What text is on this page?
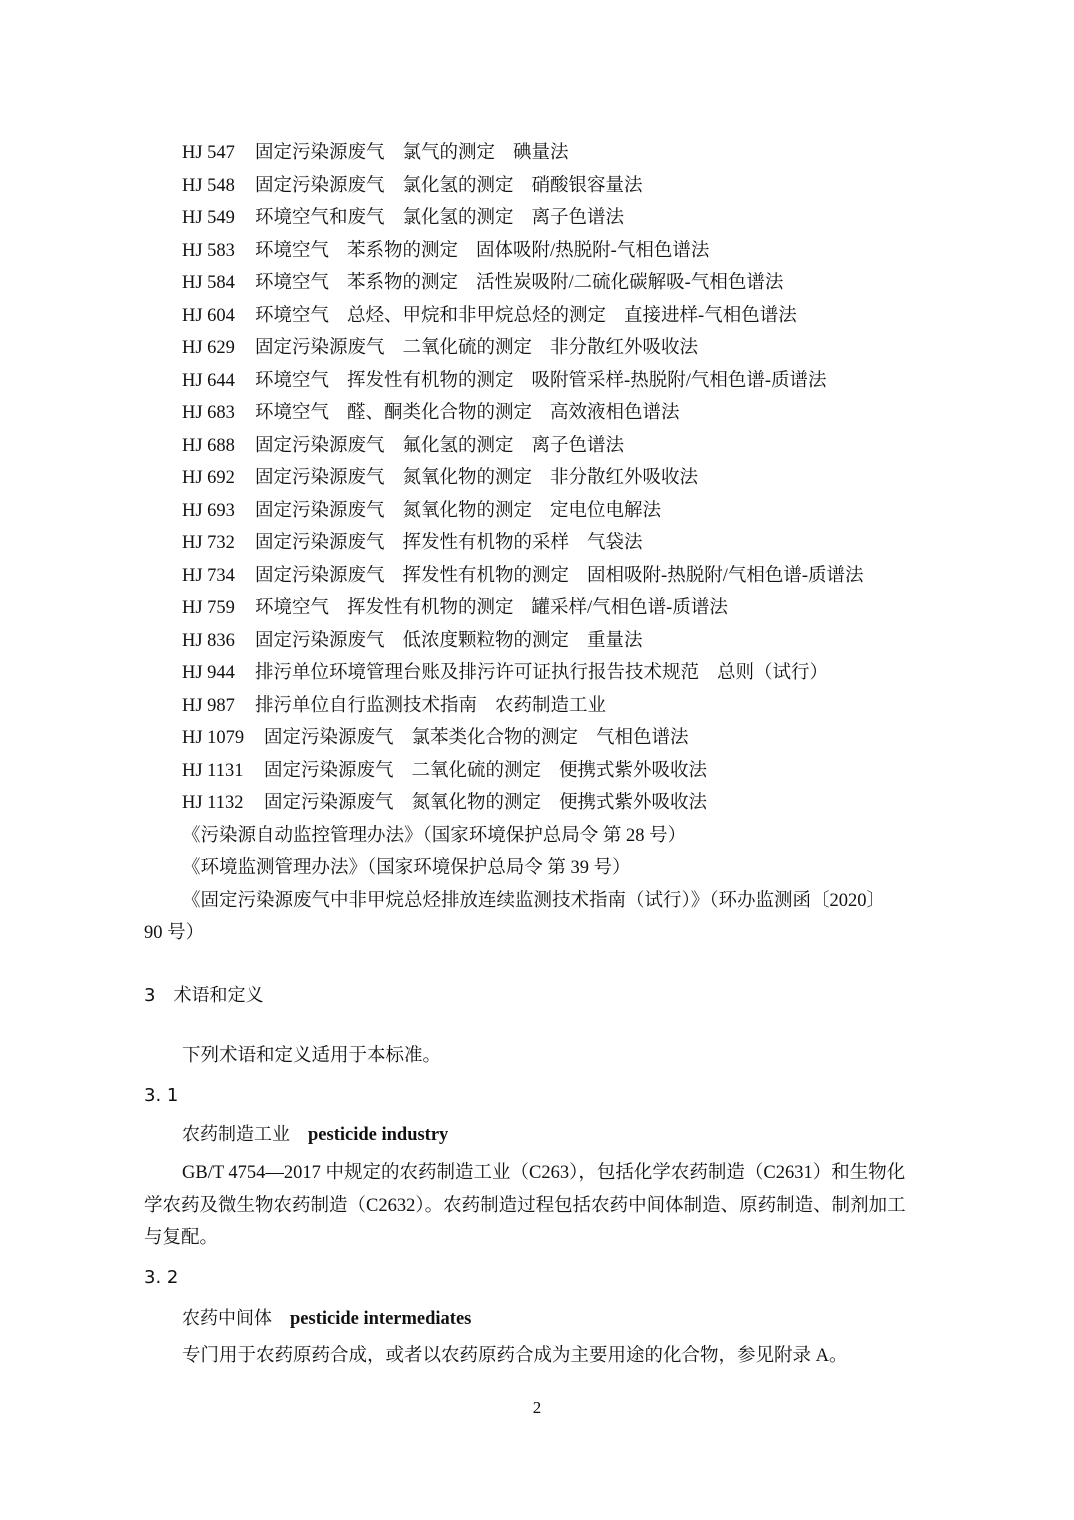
HJ 547 固定污染源废气 氯气的测定 碘量法
HJ 548 固定污染源废气 氯化氢的测定 硝酸银容量法
HJ 549 环境空气和废气 氯化氢的测定 离子色谱法
HJ 583 环境空气 苯系物的测定 固体吸附/热脱附-气相色谱法
HJ 584 环境空气 苯系物的测定 活性炭吸附/二硫化碳解吸-气相色谱法
HJ 604 环境空气 总烃、甲烷和非甲烷总烃的测定 直接进样-气相色谱法
HJ 629 固定污染源废气 二氧化硫的测定 非分散红外吸收法
HJ 644 环境空气 挥发性有机物的测定 吸附管采样-热脱附/气相色谱-质谱法
HJ 683 环境空气 醛、酮类化合物的测定 高效液相色谱法
HJ 688 固定污染源废气 氟化氢的测定 离子色谱法
HJ 692 固定污染源废气 氮氧化物的测定 非分散红外吸收法
HJ 693 固定污染源废气 氮氧化物的测定 定电位电解法
HJ 732 固定污染源废气 挥发性有机物的采样 气袋法
HJ 734 固定污染源废气 挥发性有机物的测定 固相吸附-热脱附/气相色谱-质谱法
HJ 759 环境空气 挥发性有机物的测定 罐采样/气相色谱-质谱法
HJ 836 固定污染源废气 低浓度颗粒物的测定 重量法
HJ 944 排污单位环境管理台账及排污许可证执行报告技术规范 总则（试行）
HJ 987 排污单位自行监测技术指南 农药制造工业
HJ 1079 固定污染源废气 氯苯类化合物的测定 气相色谱法
HJ 1131 固定污染源废气 二氧化硫的测定 便携式紫外吸收法
HJ 1132 固定污染源废气 氮氧化物的测定 便携式紫外吸收法
《污染源自动监控管理办法》（国家环境保护总局令 第 28 号）
《环境监测管理办法》（国家环境保护总局令 第 39 号）
《固定污染源废气中非甲烷总烃排放连续监测技术指南（试行）》（环办监测函〔2020〕
90 号）
3　术语和定义
下列术语和定义适用于本标准。
3. 1
农药制造工业 pesticide industry
GB/T 4754—2017 中规定的农药制造工业（C263），包括化学农药制造（C2631）和生物化
学农药及微生物农药制造（C2632）。农药制造过程包括农药中间体制造、原药制造、制剂加工
与复配。
3. 2
农药中间体 pesticide intermediates
专门用于农药原药合成，或者以农药原药合成为主要用途的化合物，参见附录 A。
2
